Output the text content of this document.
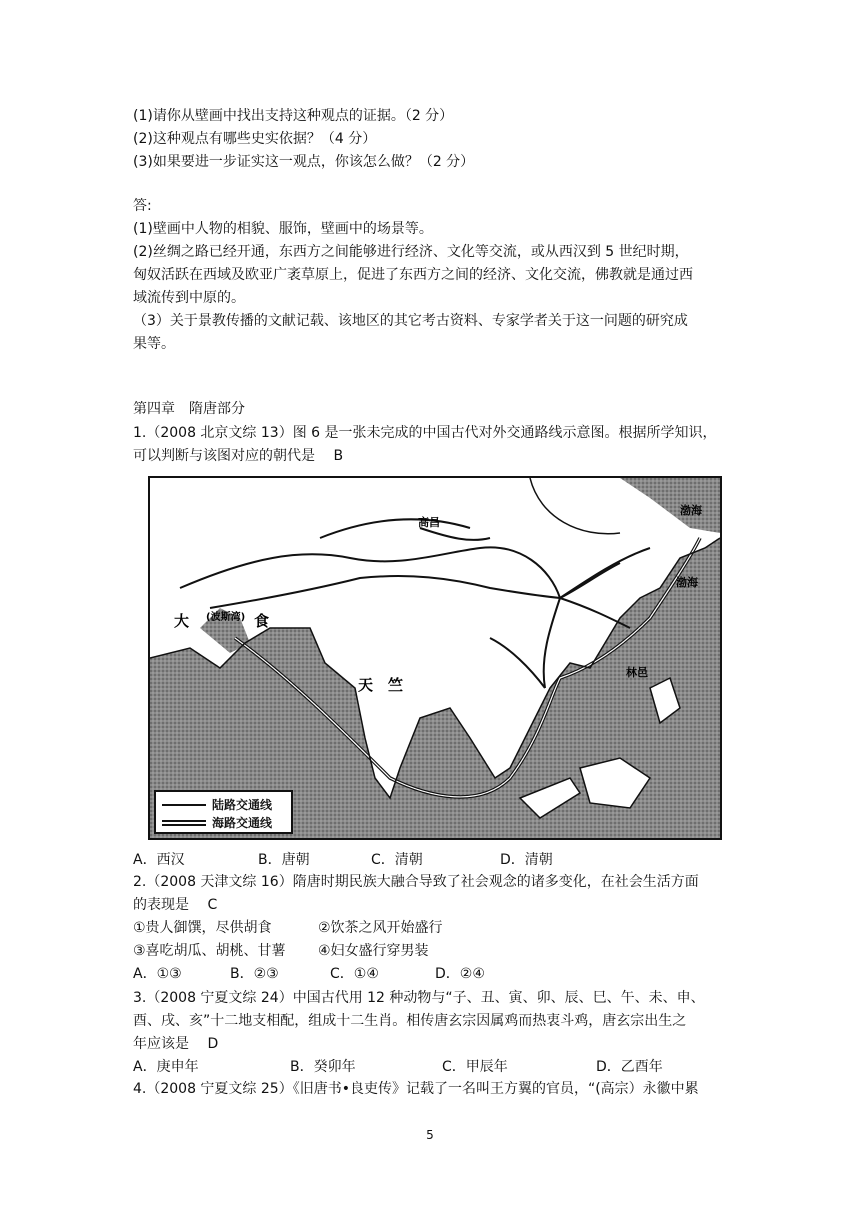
(1)请你从壁画中找出支持这种观点的证据。（2 分）
(2)这种观点有哪些史实依据？（4 分）
(3)如果要进一步证实这一观点，你该怎么做？（2 分）
答:
(1)壁画中人物的相貌、服饰，壁画中的场景等。
(2)丝绸之路已经开通，东西方之间能够进行经济、文化等交流，或从西汉到 5 世纪时期，
匈奴活跃在西域及欧亚广袤草原上，促进了东西方之间的经济、文化交流，佛教就是通过西
域流传到中原的。
（3）关于景教传播的文献记载、该地区的其它考古资料、专家学者关于这一问题的研究成
果等。
第四章　隋唐部分
1.（2008 北京文综 13）图 6 是一张未完成的中国古代对外交通路线示意图。根据所学知识，
可以判断与该图对应的朝代是　 B
高昌
大	食
(波斯湾)
天　竺
渤海
渤海
林邑
陆路交通线
海路交通线
A．西汉	B．唐朝	C．清朝	D．清朝
2.（2008 天津文综 16）隋唐时期民族大融合导致了社会观念的诸多变化，在社会生活方面
的表现是　 C
①贵人御馔，尽供胡食	②饮茶之风开始盛行
③喜吃胡瓜、胡桃、甘薯 ④妇女盛行穿男装
A．①③	B．②③	C．①④	D．②④
3.（2008 宁夏文综 24）中国古代用 12 种动物与“子、丑、寅、卯、辰、巳、午、未、申、
酉、戌、亥”十二地支相配，组成十二生肖。相传唐玄宗因属鸡而热衷斗鸡，唐玄宗出生之
年应该是　 D
A．庚申年	B．癸卯年	C．甲辰年	D．乙酉年
4.（2008 宁夏文综 25）《旧唐书•良吏传》记载了一名叫王方翼的官员，“(高宗）永徽中累
5
